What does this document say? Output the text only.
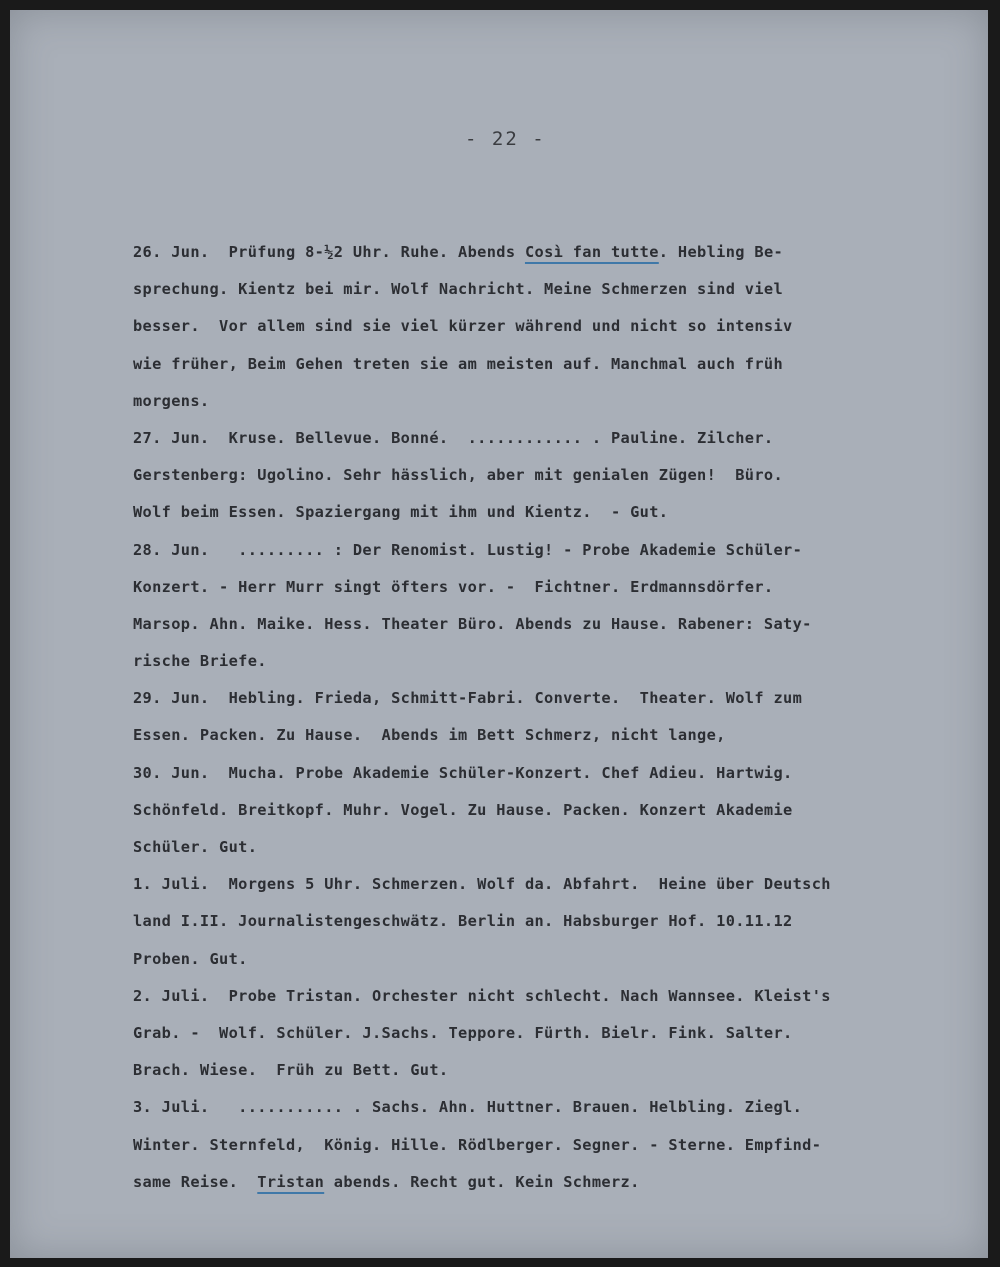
- 22 -
26. Jun.  Prüfung 8-½2 Uhr. Ruhe. Abends Così fan tutte. Hebling Be-
sprechung. Kientz bei mir. Wolf Nachricht. Meine Schmerzen sind viel
besser.  Vor allem sind sie viel kürzer während und nicht so intensiv
wie früher, Beim Gehen treten sie am meisten auf. Manchmal auch früh
morgens.
27. Jun.  Kruse. Bellevue. Bonné.  ............ . Pauline. Zilcher.
Gerstenberg: Ugolino. Sehr hässlich, aber mit genialen Zügen!  Büro.
Wolf beim Essen. Spaziergang mit ihm und Kientz.  - Gut.
28. Jun.   ......... : Der Renomist. Lustig! - Probe Akademie Schüler-
Konzert. - Herr Murr singt öfters vor. -  Fichtner. Erdmannsdörfer.
Marsop. Ahn. Maike. Hess. Theater Büro. Abends zu Hause. Rabener: Saty-
rische Briefe.
29. Jun.  Hebling. Frieda, Schmitt-Fabri. Converte.  Theater. Wolf zum
Essen. Packen. Zu Hause.  Abends im Bett Schmerz, nicht lange,
30. Jun.  Mucha. Probe Akademie Schüler-Konzert. Chef Adieu. Hartwig.
Schönfeld. Breitkopf. Muhr. Vogel. Zu Hause. Packen. Konzert Akademie
Schüler. Gut.
1. Juli.  Morgens 5 Uhr. Schmerzen. Wolf da. Abfahrt.  Heine über Deutsch
land I.II. Journalistengeschwätz. Berlin an. Habsburger Hof. 10.11.12
Proben. Gut.
2. Juli.  Probe Tristan. Orchester nicht schlecht. Nach Wannsee. Kleist's
Grab. -  Wolf. Schüler. J.Sachs. Teppore. Fürth. Bielr. Fink. Salter.
Brach. Wiese.  Früh zu Bett. Gut.
3. Juli.   ........... . Sachs. Ahn. Huttner. Brauen. Helbling. Ziegl.
Winter. Sternfeld,  König. Hille. Rödlberger. Segner. - Sterne. Empfind-
same Reise.  Tristan abends. Recht gut. Kein Schmerz.
